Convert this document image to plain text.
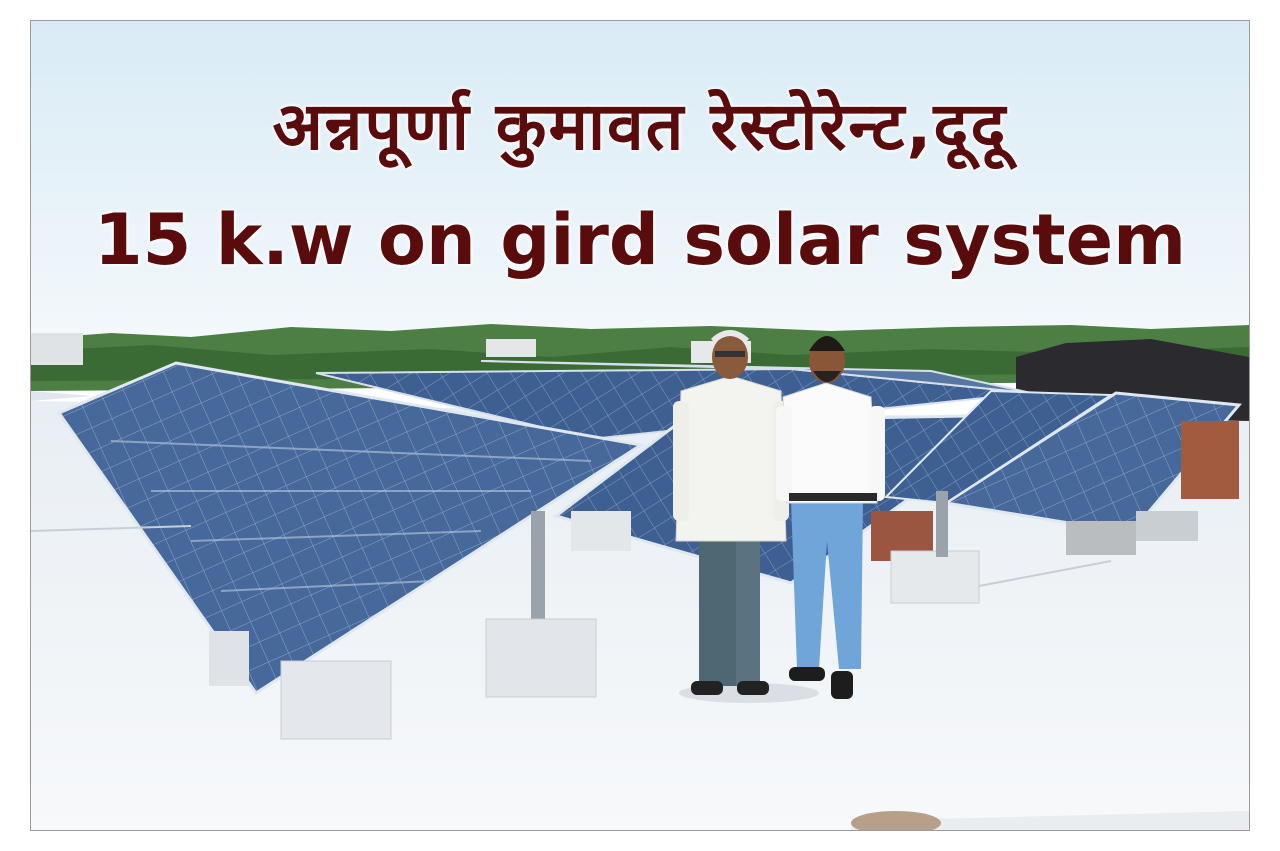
अन्नपूर्णा कुमावत रेस्टोरेन्ट,दूदू
15 k.w on gird solar system
